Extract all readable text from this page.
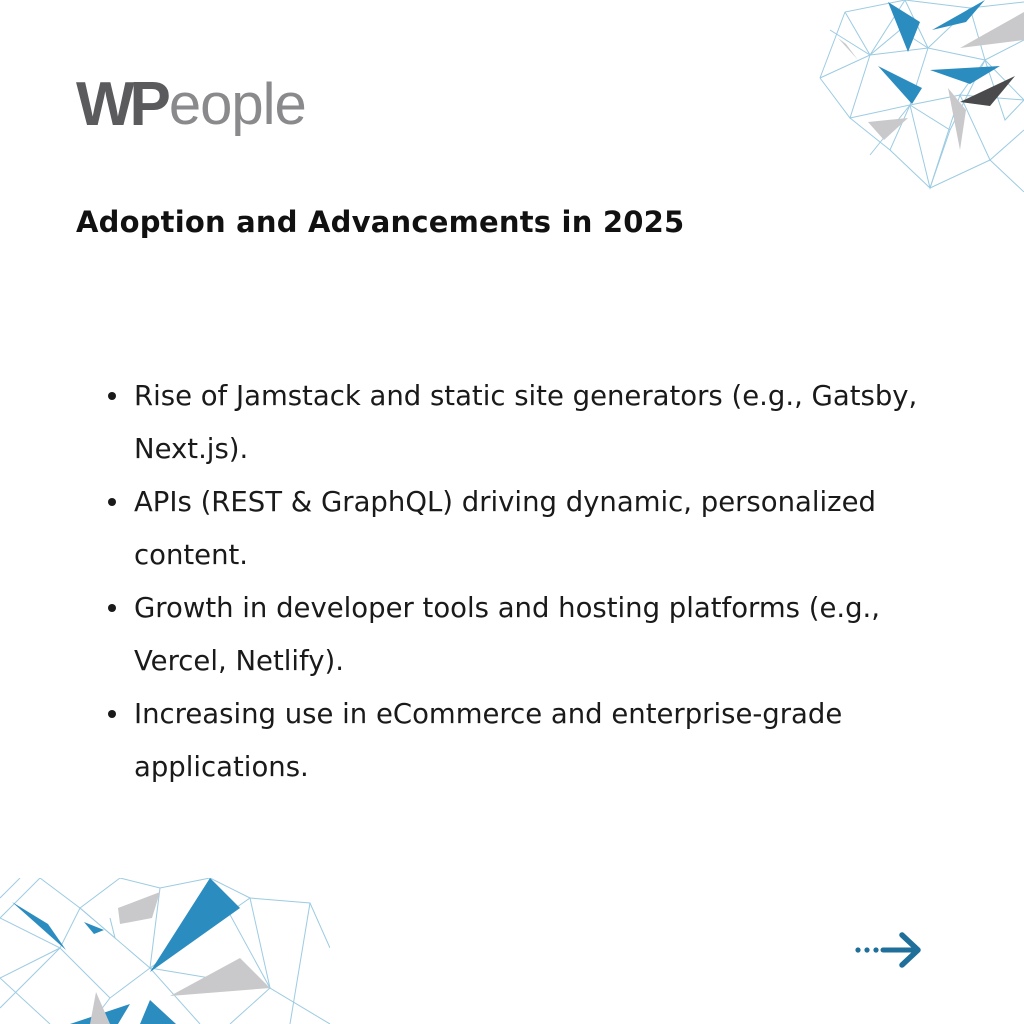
WP eople
Adoption and Advancements in 2025
Rise of Jamstack and static site generators (e.g., Gatsby, Next.js).
APIs (REST & GraphQL) driving dynamic, personalized content.
Growth in developer tools and hosting platforms (e.g., Vercel, Netlify).
Increasing use in eCommerce and enterprise-grade applications.
